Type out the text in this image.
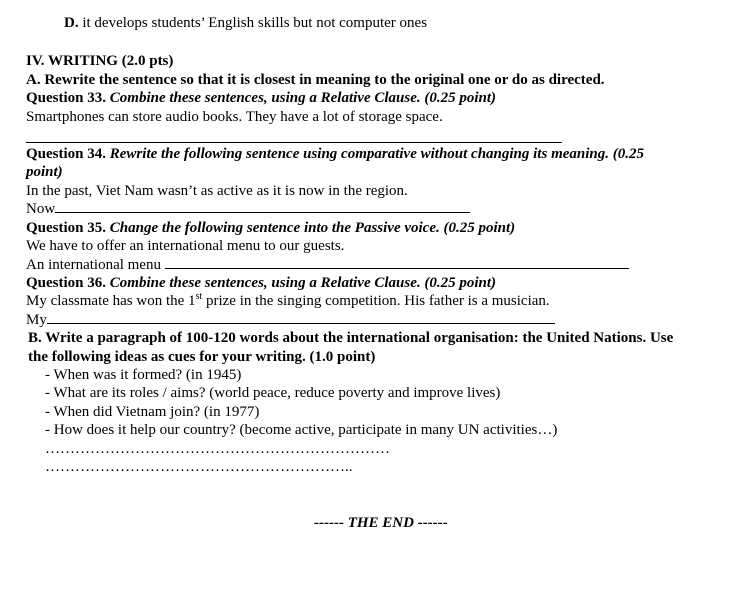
D. it develops students’ English skills but not computer ones
IV. WRITING (2.0 pts)
A. Rewrite the sentence so that it is closest in meaning to the original one or do as directed.
Question 33. Combine these sentences, using a Relative Clause. (0.25 point)
Smartphones can store audio books. They have a lot of storage space.
Question 34. Rewrite the following sentence using comparative without changing its meaning. (0.25
point)
In the past, Viet Nam wasn’t as active as it is now in the region.
Now
Question 35. Change the following sentence into the Passive voice. (0.25 point)
We have to offer an international menu to our guests.
An international menu
Question 36. Combine these sentences, using a Relative Clause. (0.25 point)
My classmate has won the 1st prize in the singing competition. His father is a musician.
My
B. Write a paragraph of 100-120 words about the international organisation: the United Nations. Use
the following ideas as cues for your writing. (1.0 point)
- When was it formed? (in 1945)
- What are its roles / aims? (world peace, reduce poverty and improve lives)
- When did Vietnam join? (in 1977)
- How does it help our country? (become active, participate in many UN activities…)
……………………………………………………………
……………………………………………………..
------ THE END ------
